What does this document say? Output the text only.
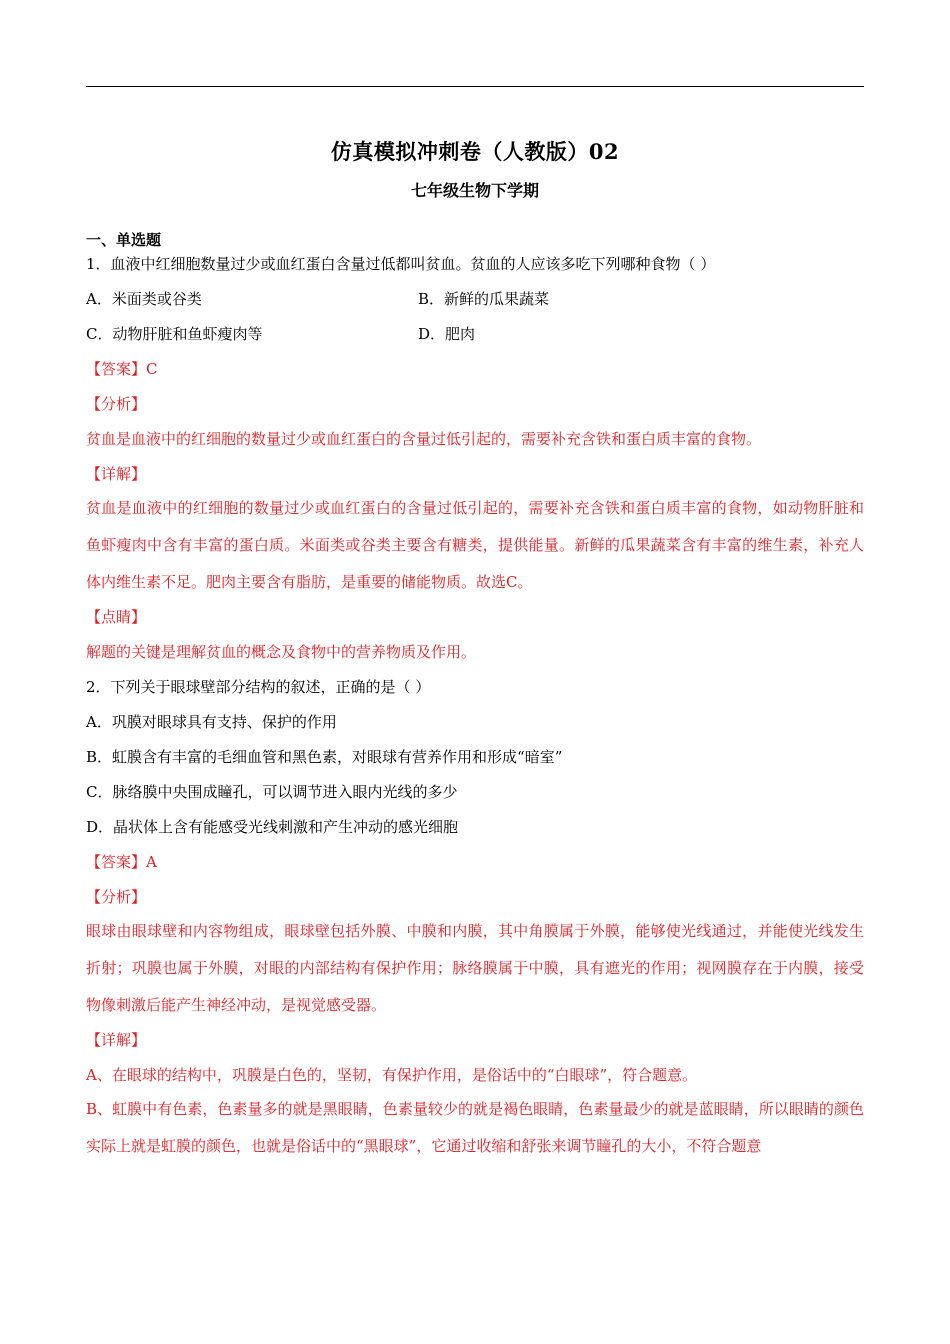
仿真模拟冲刺卷（人教版）02
七年级生物下学期
一、单选题
1．血液中红细胞数量过少或血红蛋白含量过低都叫贫血。贫血的人应该多吃下列哪种食物（ ）
A．米面类或谷类	B．新鲜的瓜果蔬菜
C．动物肝脏和鱼虾瘦肉等	D．肥肉
【答案】C
【分析】
贫血是血液中的红细胞的数量过少或血红蛋白的含量过低引起的，需要补充含铁和蛋白质丰富的食物。
【详解】
贫血是血液中的红细胞的数量过少或血红蛋白的含量过低引起的，需要补充含铁和蛋白质丰富的食物，如动物肝脏和鱼虾瘦肉中含有丰富的蛋白质。米面类或谷类主要含有糖类，提供能量。新鲜的瓜果蔬菜含有丰富的维生素，补充人体内维生素不足。肥肉主要含有脂肪，是重要的储能物质。故选C。
【点睛】
解题的关键是理解贫血的概念及食物中的营养物质及作用。
2．下列关于眼球壁部分结构的叙述，正确的是（ ）
A．巩膜对眼球具有支持、保护的作用
B．虹膜含有丰富的毛细血管和黑色素，对眼球有营养作用和形成“暗室”
C．脉络膜中央围成瞳孔，可以调节进入眼内光线的多少
D．晶状体上含有能感受光线刺激和产生冲动的感光细胞
【答案】A
【分析】
眼球由眼球壁和内容物组成，眼球壁包括外膜、中膜和内膜，其中角膜属于外膜，能够使光线通过，并能使光线发生折射；巩膜也属于外膜，对眼的内部结构有保护作用；脉络膜属于中膜，具有遮光的作用；视网膜存在于内膜，接受物像刺激后能产生神经冲动，是视觉感受器。
【详解】
A、在眼球的结构中，巩膜是白色的，坚韧，有保护作用，是俗话中的“白眼球”，符合题意。
B、虹膜中有色素，色素量多的就是黑眼睛，色素量较少的就是褐色眼睛，色素量最少的就是蓝眼睛，所以眼睛的颜色实际上就是虹膜的颜色，也就是俗话中的“黑眼球”，它通过收缩和舒张来调节瞳孔的大小，不符合题意
